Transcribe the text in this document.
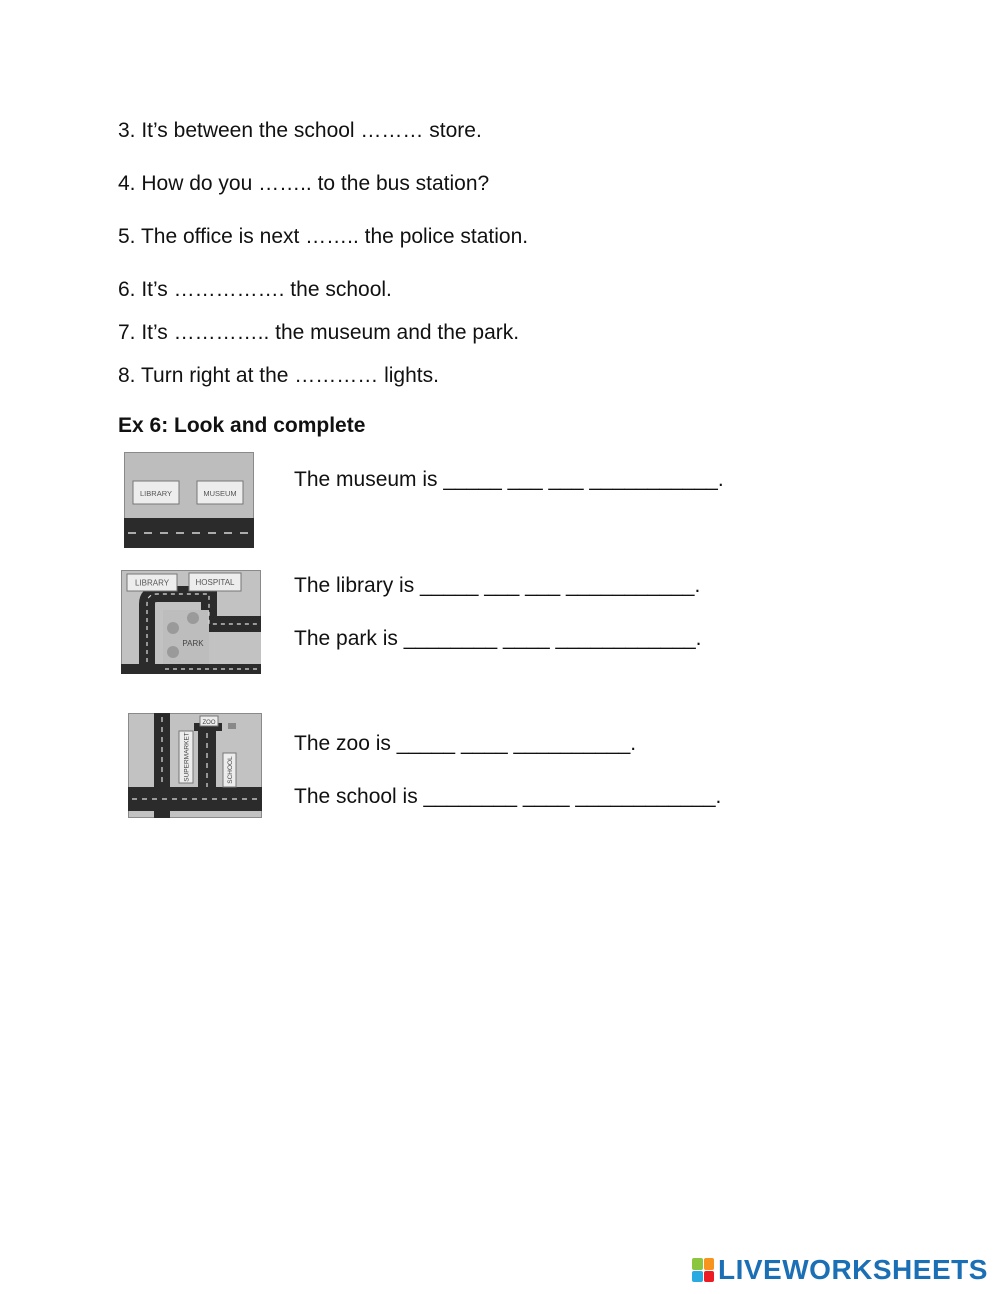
3. It’s between the school ……… store.
4. How do you …….. to the bus station?
5. The office is next …….. the police station.
6. It’s ……………. the school.
7. It’s ………….. the museum and the park.
8. Turn right at the ………… lights.
Ex 6: Look and complete
LIBRARY	MUSEUM
LIBRARY	HOSPITAL
PARK
ZOO
SUPERMARKET	SCHOOL
The museum is _____ ___ ___ ___________.
The library is _____ ___ ___ ___________.
The park is ________ ____ ____________.
The zoo is _____ ____ __________.
The school is ________ ____ ____________.
LIVEWORKSHEETS
